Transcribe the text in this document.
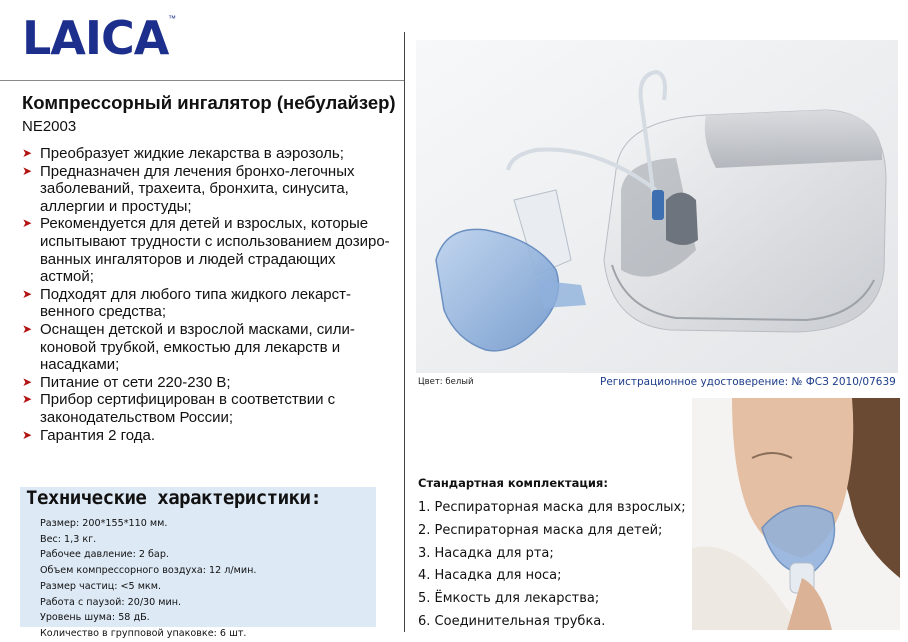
LAICA ™
Компрессорный ингалятор (небулайзер)
NE2003
➤ Преобразует жидкие лекарства в аэрозоль;
➤ Предназначен для лечения бронхо-легочных
заболеваний, трахеита, бронхита, синусита,
аллергии и простуды;
➤ Рекомендуется для детей и взрослых, которые
испытывают трудности с использованием дозиро-
ванных ингаляторов и людей страдающих
астмой;
➤ Подходят для любого типа жидкого лекарст-
венного средства;
➤ Оснащен детской и взрослой масками, сили-
коновой трубкой, емкостью для лекарств и
насадками;
➤ Питание от сети 220-230 В;
➤ Прибор сертифицирован в соответствии с
законодательством России;
➤ Гарантия 2 года.
Технические характеристики:
Размер: 200*155*110 мм.
Вес: 1,3 кг.
Рабочее давление: 2 бар.
Объем компрессорного воздуха: 12 л/мин.
Размер частиц: <5 мкм.
Работа с паузой: 20/30 мин.
Уровень шума: 58 дБ.
Количество в групповой упаковке: 6 шт.
Цвет: белый	Регистрационное удостоверение: № ФСЗ 2010/07639
Стандартная комплектация:
1. Респираторная маска для взрослых;
2. Респираторная маска для детей;
3. Насадка для рта;
4. Насадка для носа;
5. Ёмкость для лекарства;
6. Соединительная трубка.
